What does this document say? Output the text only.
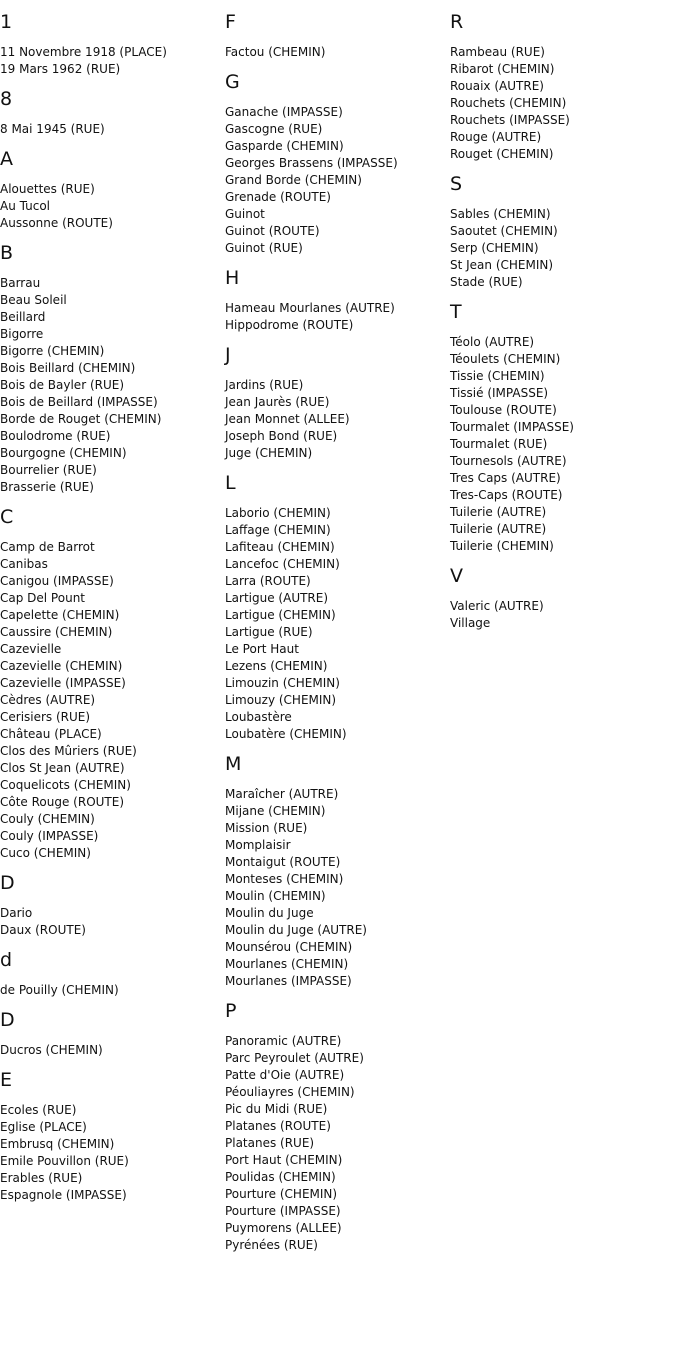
1
11 Novembre 1918 (PLACE)
19 Mars 1962 (RUE)
8
8 Mai 1945 (RUE)
A
Alouettes (RUE)
Au Tucol
Aussonne (ROUTE)
B
Barrau
Beau Soleil
Beillard
Bigorre
Bigorre (CHEMIN)
Bois Beillard (CHEMIN)
Bois de Bayler (RUE)
Bois de Beillard (IMPASSE)
Borde de Rouget (CHEMIN)
Boulodrome (RUE)
Bourgogne (CHEMIN)
Bourrelier (RUE)
Brasserie (RUE)
C
Camp de Barrot
Canibas
Canigou (IMPASSE)
Cap Del Pount
Capelette (CHEMIN)
Caussire (CHEMIN)
Cazevielle
Cazevielle (CHEMIN)
Cazevielle (IMPASSE)
Cèdres (AUTRE)
Cerisiers (RUE)
Château (PLACE)
Clos des Mûriers (RUE)
Clos St Jean (AUTRE)
Coquelicots (CHEMIN)
Côte Rouge (ROUTE)
Couly (CHEMIN)
Couly (IMPASSE)
Cuco (CHEMIN)
D
Dario
Daux (ROUTE)
d
de Pouilly (CHEMIN)
D
Ducros (CHEMIN)
E
Ecoles (RUE)
Eglise (PLACE)
Embrusq (CHEMIN)
Emile Pouvillon (RUE)
Erables (RUE)
Espagnole (IMPASSE)
F
Factou (CHEMIN)
G
Ganache (IMPASSE)
Gascogne (RUE)
Gasparde (CHEMIN)
Georges Brassens (IMPASSE)
Grand Borde (CHEMIN)
Grenade (ROUTE)
Guinot
Guinot (ROUTE)
Guinot (RUE)
H
Hameau Mourlanes (AUTRE)
Hippodrome (ROUTE)
J
Jardins (RUE)
Jean Jaurès (RUE)
Jean Monnet (ALLEE)
Joseph Bond (RUE)
Juge (CHEMIN)
L
Laborio (CHEMIN)
Laffage (CHEMIN)
Lafiteau (CHEMIN)
Lancefoc (CHEMIN)
Larra (ROUTE)
Lartigue (AUTRE)
Lartigue (CHEMIN)
Lartigue (RUE)
Le Port Haut
Lezens (CHEMIN)
Limouzin (CHEMIN)
Limouzy (CHEMIN)
Loubastère
Loubatère (CHEMIN)
M
Maraîcher (AUTRE)
Mijane (CHEMIN)
Mission (RUE)
Momplaisir
Montaigut (ROUTE)
Monteses (CHEMIN)
Moulin (CHEMIN)
Moulin du Juge
Moulin du Juge (AUTRE)
Mounsérou (CHEMIN)
Mourlanes (CHEMIN)
Mourlanes (IMPASSE)
P
Panoramic (AUTRE)
Parc Peyroulet (AUTRE)
Patte d'Oie (AUTRE)
Péouliayres (CHEMIN)
Pic du Midi (RUE)
Platanes (ROUTE)
Platanes (RUE)
Port Haut (CHEMIN)
Poulidas (CHEMIN)
Pourture (CHEMIN)
Pourture (IMPASSE)
Puymorens (ALLEE)
Pyrénées (RUE)
R
Rambeau (RUE)
Ribarot (CHEMIN)
Rouaix (AUTRE)
Rouchets (CHEMIN)
Rouchets (IMPASSE)
Rouge (AUTRE)
Rouget (CHEMIN)
S
Sables (CHEMIN)
Saoutet (CHEMIN)
Serp (CHEMIN)
St Jean (CHEMIN)
Stade (RUE)
T
Téolo (AUTRE)
Téoulets (CHEMIN)
Tissie (CHEMIN)
Tissié (IMPASSE)
Toulouse (ROUTE)
Tourmalet (IMPASSE)
Tourmalet (RUE)
Tournesols (AUTRE)
Tres Caps (AUTRE)
Tres-Caps (ROUTE)
Tuilerie (AUTRE)
Tuilerie (AUTRE)
Tuilerie (CHEMIN)
V
Valeric (AUTRE)
Village
